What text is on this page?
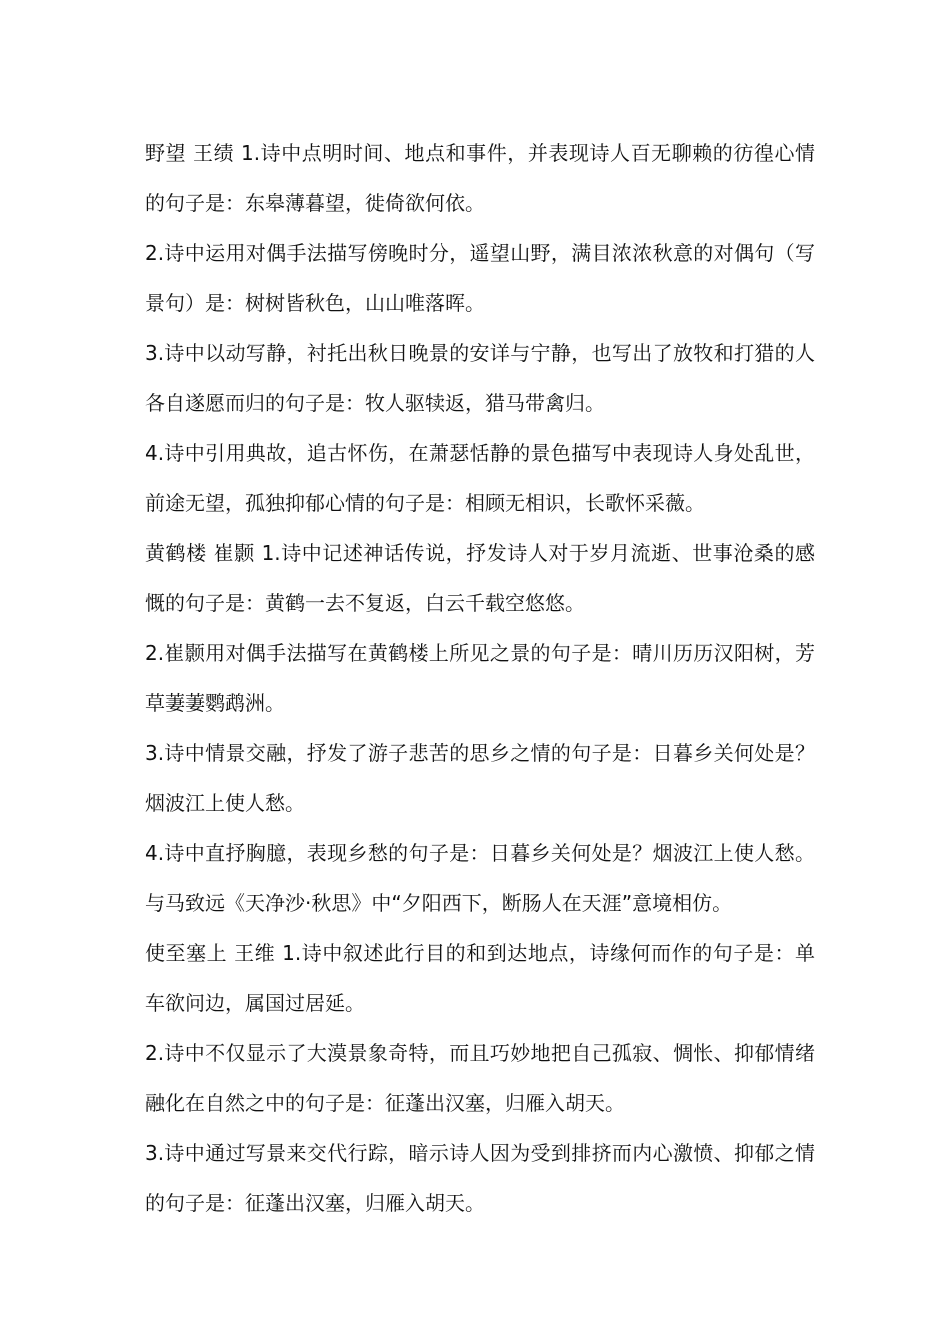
野望 王绩 1.诗中点明时间、地点和事件，并表现诗人百无聊赖的彷徨心情的句子是：东皋薄暮望，徙倚欲何依。

2.诗中运用对偶手法描写傍晚时分，遥望山野，满目浓浓秋意的对偶句（写景句）是：树树皆秋色，山山唯落晖。

3.诗中以动写静，衬托出秋日晚景的安详与宁静，也写出了放牧和打猎的人各自遂愿而归的句子是：牧人驱犊返，猎马带禽归。

4.诗中引用典故，追古怀伤，在萧瑟恬静的景色描写中表现诗人身处乱世，前途无望，孤独抑郁心情的句子是：相顾无相识，长歌怀采薇。

黄鹤楼 崔颢 1.诗中记述神话传说，抒发诗人对于岁月流逝、世事沧桑的感慨的句子是：黄鹤一去不复返，白云千载空悠悠。

2.崔颢用对偶手法描写在黄鹤楼上所见之景的句子是：晴川历历汉阳树，芳草萋萋鹦鹉洲。

3.诗中情景交融，抒发了游子悲苦的思乡之情的句子是：日暮乡关何处是？烟波江上使人愁。

4.诗中直抒胸臆，表现乡愁的句子是：日暮乡关何处是？烟波江上使人愁。与马致远《天净沙·秋思》中“夕阳西下，断肠人在天涯”意境相仿。

使至塞上 王维 1.诗中叙述此行目的和到达地点，诗缘何而作的句子是：单车欲问边，属国过居延。

2.诗中不仅显示了大漠景象奇特，而且巧妙地把自己孤寂、惆怅、抑郁情绪融化在自然之中的句子是：征蓬出汉塞，归雁入胡天。

3.诗中通过写景来交代行踪，暗示诗人因为受到排挤而内心激愤、抑郁之情的句子是：征蓬出汉塞，归雁入胡天。
